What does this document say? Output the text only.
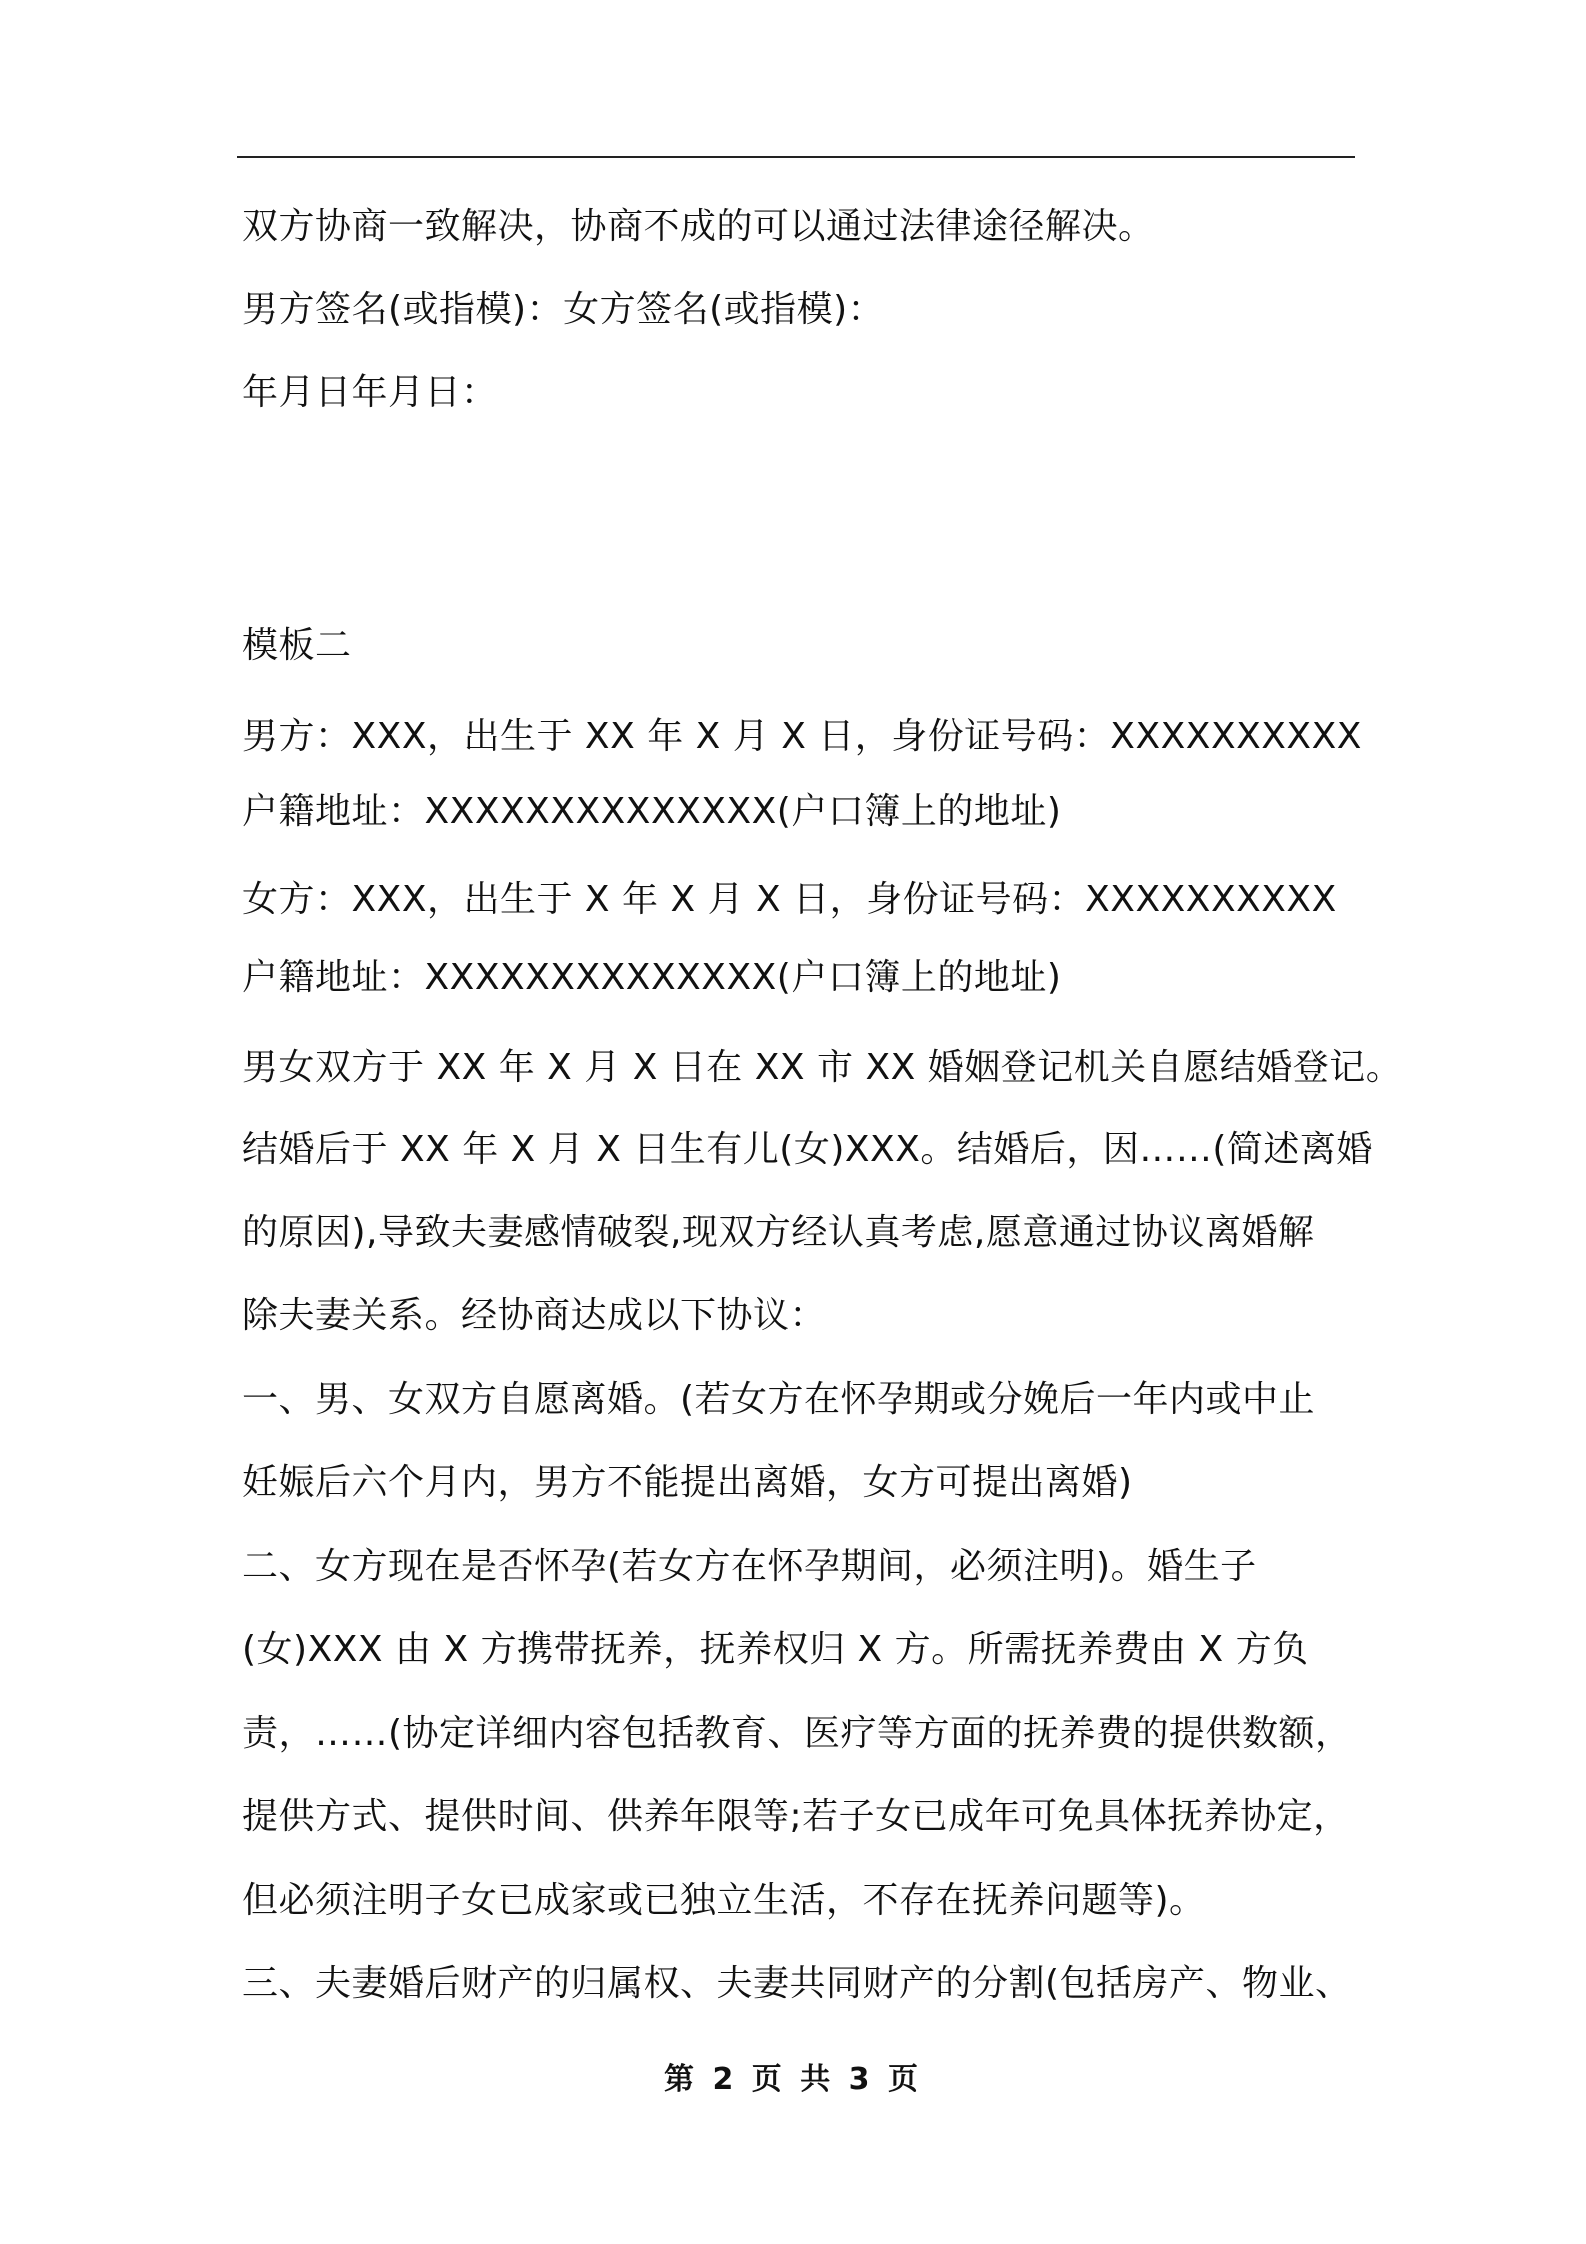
双方协商一致解决，协商不成的可以通过法律途径解决。
男方签名(或指模)：女方签名(或指模)：
年月日年月日：
模板二
男方：XXX，出生于 XX 年 X 月 X 日，身份证号码：XXXXXXXXXX
户籍地址：XXXXXXXXXXXXXX(户口簿上的地址)
女方：XXX，出生于 X 年 X 月 X 日，身份证号码：XXXXXXXXXX
户籍地址：XXXXXXXXXXXXXX(户口簿上的地址)
男女双方于 XX 年 X 月 X 日在 XX 市 XX 婚姻登记机关自愿结婚登记。
结婚后于 XX 年 X 月 X 日生有儿(女)XXX。结婚后，因……(简述离婚
的原因),导致夫妻感情破裂,现双方经认真考虑,愿意通过协议离婚解
除夫妻关系。经协商达成以下协议：
一、男、女双方自愿离婚。(若女方在怀孕期或分娩后一年内或中止
妊娠后六个月内，男方不能提出离婚，女方可提出离婚)
二、女方现在是否怀孕(若女方在怀孕期间，必须注明)。婚生子
(女)XXX 由 X 方携带抚养，抚养权归 X 方。所需抚养费由 X 方负
责，……(协定详细内容包括教育、医疗等方面的抚养费的提供数额，
提供方式、提供时间、供养年限等;若子女已成年可免具体抚养协定，
但必须注明子女已成家或已独立生活，不存在抚养问题等)。
三、夫妻婚后财产的归属权、夫妻共同财产的分割(包括房产、物业、
第 2 页 共 3 页
